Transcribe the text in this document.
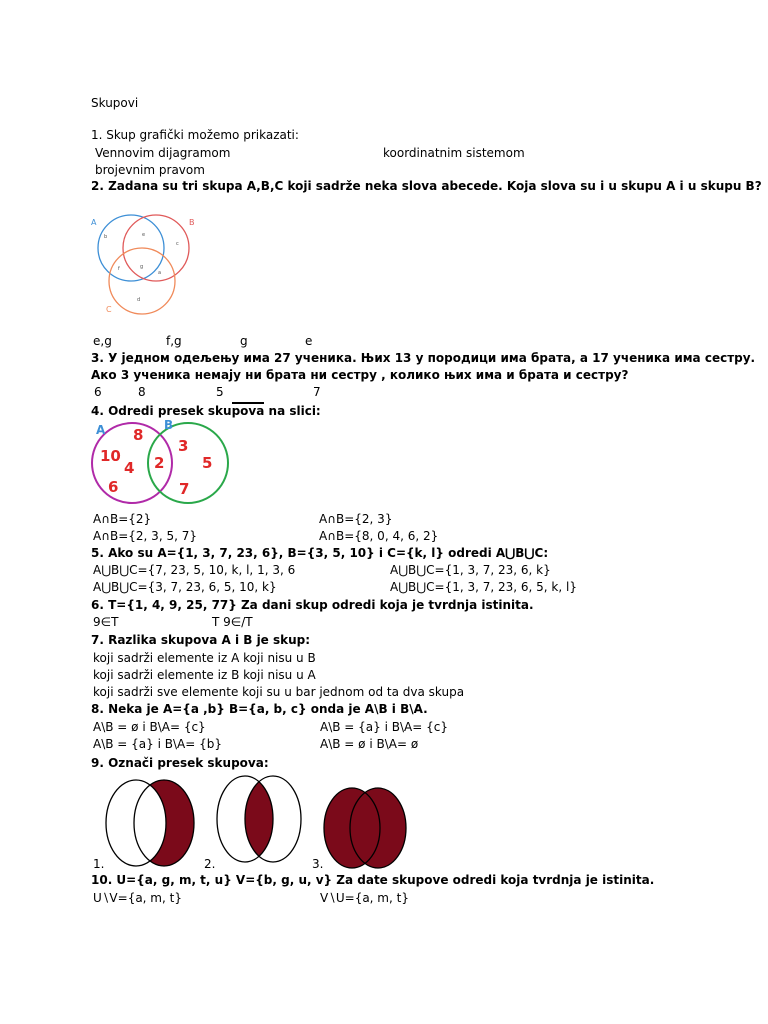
Skupovi
1. Skup grafički možemo prikazati:
Vennovim dijagramom	koordinatnim sistemom
brojevnim pravom
2. Zadana su tri skupa A,B,C koji sadrže neka slova abecede. Koja slova su i u skupu A i u skupu B?
A	B
C
b	e
c
f	g
a
d
e,g	f,g	g	e
3. У једном одељењу има 27 ученика. Њих 13 у породици има брата, а 17 ученика има сестру.
Ако 3 ученика немају ни брата ни сестру , колико њих има и брата и сестру?
6	8	5	7
4. Odredi presek skupova na slici:
A	B
8
10
4
6
2
3
5
7
A∩B={2}	A∩B={2, 3}
A∩B={2, 3, 5, 7}	A∩B={8, 0, 4, 6, 2}
5. Ako su A={1, 3, 7, 23, 6}, B={3, 5, 10} i C={k, l} odredi A⋃B⋃C:
A⋃B⋃C={7, 23, 5, 10, k, l, 1, 3, 6	A⋃B⋃C={1, 3, 7, 23, 6, k}
A⋃B⋃C={3, 7, 23, 6, 5, 10, k}	A⋃B⋃C={1, 3, 7, 23, 6, 5, k, l}
6. T={1, 4, 9, 25, 77} Za dani skup odredi koja je tvrdnja istinita.
9∈T	T 9∈/T
7. Razlika skupova A i B je skup:
koji sadrži elemente iz A koji nisu u B
koji sadrži elemente iz B koji nisu u A
koji sadrži sve elemente koji su u bar jednom od ta dva skupa
8. Neka je A={a ,b} B={a, b, c} onda je A\B i B\A.
A\B = ø i B\A= {c}	A\B = {a} i B\A= {c}
A\B = {a} i B\A= {b}	A\B = ø i B\A= ø
9. Označi presek skupova:
1.	2.	3.
10. U={a, g, m, t, u} V={b, g, u, v} Za date skupove odredi koja tvrdnja je istinita.
U∖V={a, m, t}	V∖U={a, m, t}
